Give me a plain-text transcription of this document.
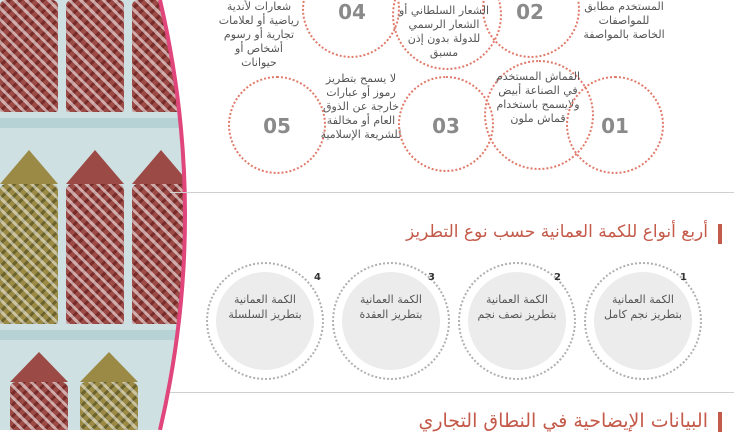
04
شعارات لأندية رياضية أو لعلامات تجارية أو رسوم أشخاص أو حيوانات
02	المستخدم مطابق للمواصفات الخاصة بالمواصفة
الشعار السلطاني أو الشعار الرسمي للدولة بدون إذن مسبق
05
لا يسمح بتطريز رموز أو عبارات خارجة عن الذوق العام أو مخالفة للشريعة الإسلامية	03
القماش المستخدم في الصناعة أبيض ولايسمح باستخدام قماش ملون	01
أربع أنواع للكمة العمانية حسب نوع التطريز
الكمة العمانية بتطريز السلسلة
4
الكمة العمانية بتطريز العقدة
3
الكمة العمانية بتطريز نصف نجم
2
الكمة العمانية بتطريز نجم كامل
1
البيانات الإيضاحية في النطاق التجاري
